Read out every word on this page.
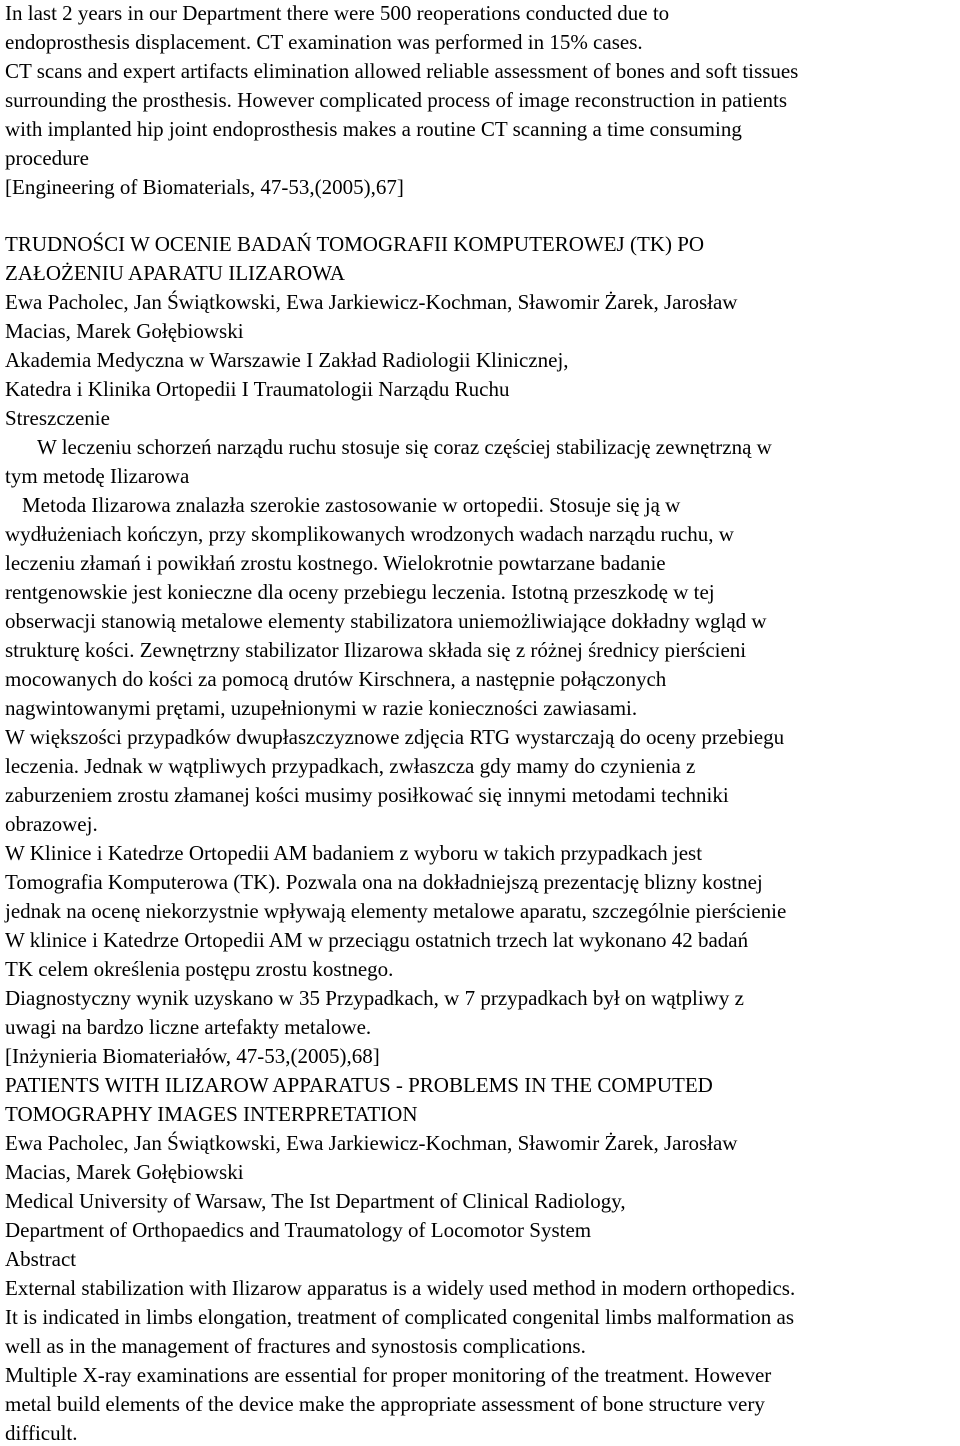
In last 2 years in our Department there were 500 reoperations conducted due to
endoprosthesis displacement. CT examination was performed in 15% cases.
CT scans and expert artifacts elimination allowed reliable assessment of bones and soft tissues
surrounding the prosthesis. However complicated process of image reconstruction in patients
with implanted hip joint endoprosthesis makes a routine CT scanning a time consuming
procedure
[Engineering of Biomaterials, 47-53,(2005),67]
TRUDNOŚCI W OCENIE BADAŃ TOMOGRAFII KOMPUTEROWEJ (TK) PO
ZAŁOŻENIU APARATU ILIZAROWA
Ewa Pacholec, Jan Świątkowski, Ewa Jarkiewicz-Kochman, Sławomir Żarek, Jarosław
Macias, Marek Gołębiowski
Akademia Medyczna w Warszawie I Zakład Radiologii Klinicznej,
Katedra i Klinika Ortopedii I Traumatologii Narządu Ruchu
Streszczenie
W leczeniu schorzeń narządu ruchu stosuje się coraz częściej stabilizację zewnętrzną w
tym metodę Ilizarowa
Metoda Ilizarowa znalazła szerokie zastosowanie w ortopedii. Stosuje się ją w
wydłużeniach kończyn, przy skomplikowanych wrodzonych wadach narządu ruchu, w
leczeniu złamań i powikłań zrostu kostnego. Wielokrotnie powtarzane badanie
rentgenowskie jest konieczne dla oceny przebiegu leczenia. Istotną przeszkodę w tej
obserwacji stanowią metalowe elementy stabilizatora uniemożliwiające dokładny wgląd w
strukturę kości. Zewnętrzny stabilizator Ilizarowa składa się z różnej średnicy pierścieni
mocowanych do kości za pomocą drutów Kirschnera, a następnie połączonych
nagwintowanymi prętami, uzupełnionymi w razie konieczności zawiasami.
W większości przypadków dwupłaszczyznowe zdjęcia RTG wystarczają do oceny przebiegu
leczenia. Jednak w wątpliwych przypadkach, zwłaszcza gdy mamy do czynienia z
zaburzeniem zrostu złamanej kości musimy posiłkować się innymi metodami techniki
obrazowej.
W Klinice i Katedrze Ortopedii AM badaniem z wyboru w takich przypadkach jest
Tomografia Komputerowa (TK). Pozwala ona na dokładniejszą prezentację blizny kostnej
jednak na ocenę niekorzystnie wpływają elementy metalowe aparatu, szczególnie pierścienie
W klinice i Katedrze Ortopedii AM w przeciągu ostatnich trzech lat wykonano 42 badań
TK celem określenia postępu zrostu kostnego.
Diagnostyczny wynik uzyskano w 35 Przypadkach, w 7 przypadkach był on wątpliwy z
uwagi na bardzo liczne artefakty metalowe.
[Inżynieria Biomateriałów, 47-53,(2005),68]
PATIENTS WITH ILIZAROW APPARATUS - PROBLEMS IN THE COMPUTED
TOMOGRAPHY IMAGES INTERPRETATION
Ewa Pacholec, Jan Świątkowski, Ewa Jarkiewicz-Kochman, Sławomir Żarek, Jarosław
Macias, Marek Gołębiowski
Medical University of Warsaw, The Ist Department of Clinical Radiology,
Department of Orthopaedics and Traumatology of Locomotor System
Abstract
External stabilization with Ilizarow apparatus is a widely used method in modern orthopedics.
It is indicated in limbs elongation, treatment of complicated congenital limbs malformation as
well as in the management of fractures and synostosis complications.
Multiple X-ray examinations are essential for proper monitoring of the treatment. However
metal build elements of the device make the appropriate assessment of bone structure very
difficult.
